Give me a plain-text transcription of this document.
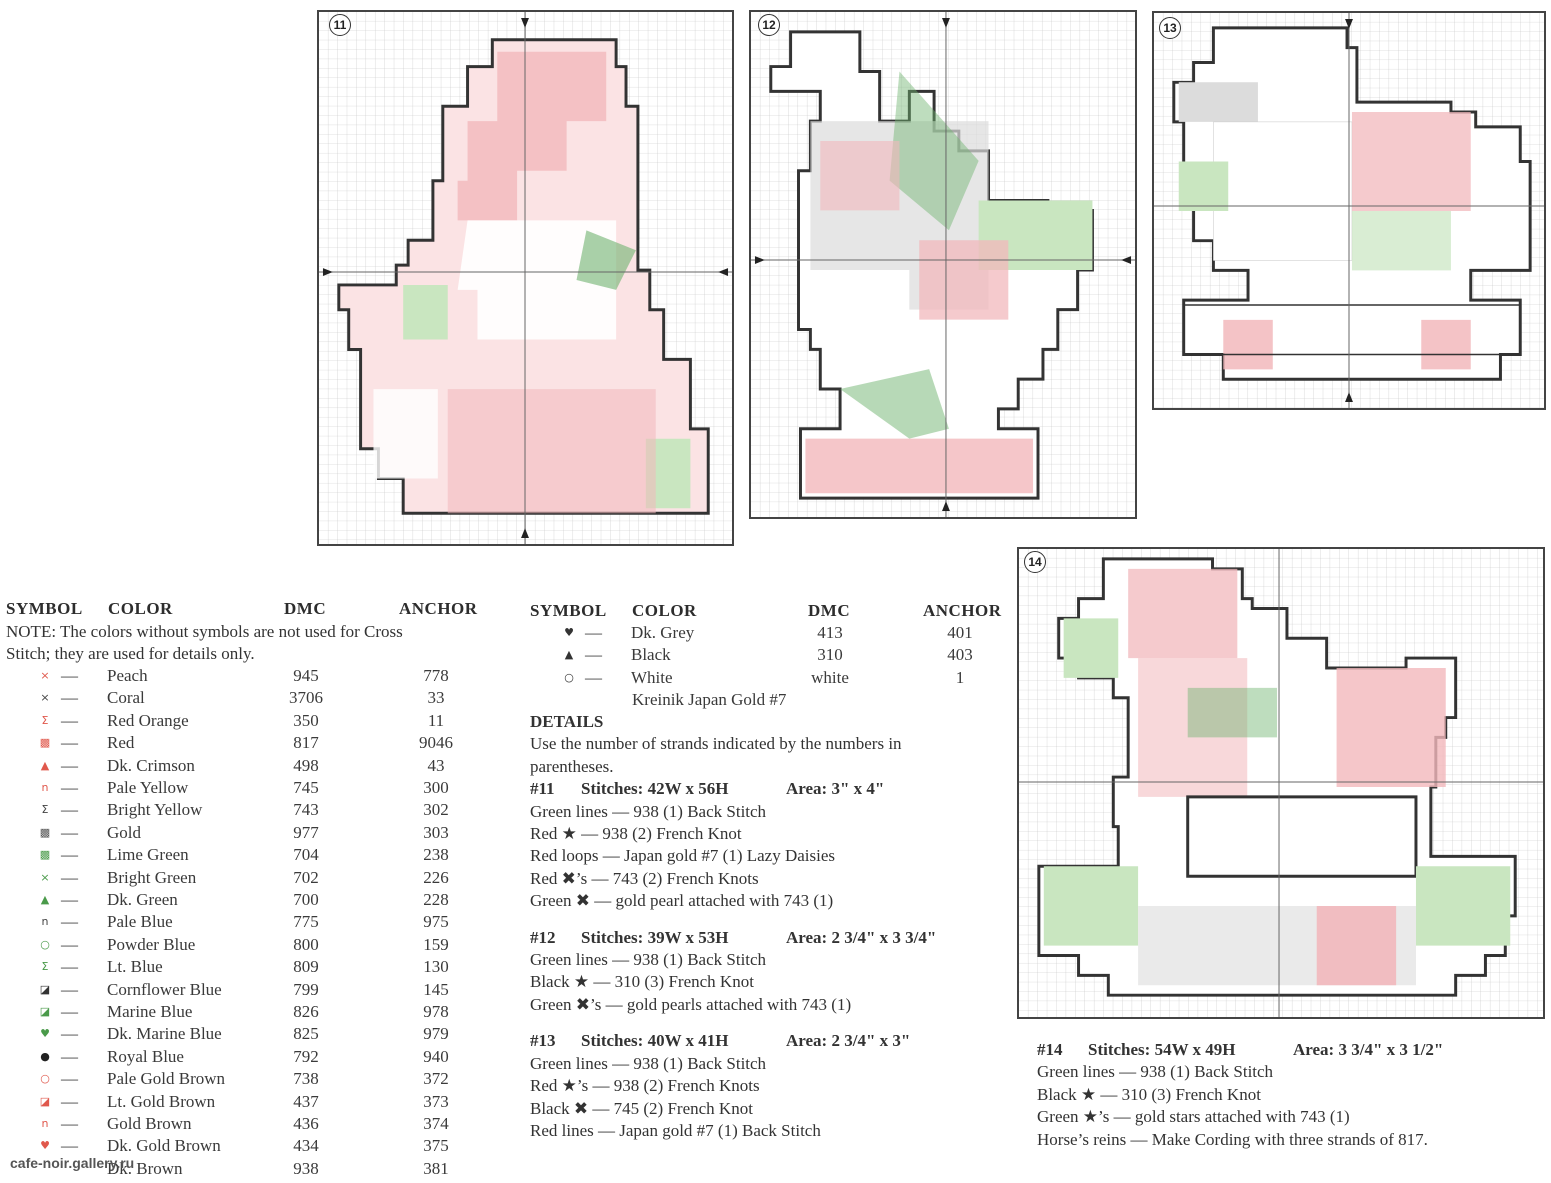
11	12	13
14
SYMBOL COLOR	DMC	ANCHOR
NOTE: The colors without symbols are not used for Cross
Stitch; they are used for details only.
× — Peach	945	778
× — Coral	3706	33
Σ — Red Orange	350	11
▩ — Red	817	9046
▲ — Dk. Crimson	498	43
n — Pale Yellow	745	300
Σ — Bright Yellow	743	302
▩ — Gold	977	303
▩ — Lime Green	704	238
× — Bright Green	702	226
▲ — Dk. Green	700	228
n — Pale Blue	775	975
○ — Powder Blue	800	159
Σ — Lt. Blue	809	130
◪ — Cornflower Blue	799	145
◪ — Marine Blue	826	978
♥ — Dk. Marine Blue	825	979
● — Royal Blue	792	940
○ — Pale Gold Brown	738	372
◪ — Lt. Gold Brown	437	373
n — Gold Brown	436	374
♥ — Dk. Gold Brown	434	375
Dk. Brown	938	381
SYMBOL COLOR	DMC	ANCHOR
♥ — Dk. Grey	413	401
▲ — Black	310	403
○ — White	white	1
Kreinik Japan Gold #7
DETAILS
Use the number of strands indicated by the numbers in
parentheses.
#11 Stitches: 42W x 56H	Area: 3" x 4"
Green lines — 938 (1) Back Stitch
Red ★ — 938 (2) French Knot
Red loops — Japan gold #7 (1) Lazy Daisies
Red ✖’s — 743 (2) French Knots
Green ✖ — gold pearl attached with 743 (1)
#12 Stitches: 39W x 53H	Area: 2 3/4" x 3 3/4"
Green lines — 938 (1) Back Stitch
Black ★ — 310 (3) French Knot
Green ✖’s — gold pearls attached with 743 (1)
#13 Stitches: 40W x 41H	Area: 2 3/4" x 3"
Green lines — 938 (1) Back Stitch
Red ★’s — 938 (2) French Knots
Black ✖ — 745 (2) French Knot
Red lines — Japan gold #7 (1) Back Stitch
#14 Stitches: 54W x 49H	Area: 3 3/4" x 3 1/2"
Green lines — 938 (1) Back Stitch
Black ★ — 310 (3) French Knot
Green ★’s — gold stars attached with 743 (1)
Horse’s reins — Make Cording with three strands of 817.
cafe-noir.gallery.ru
